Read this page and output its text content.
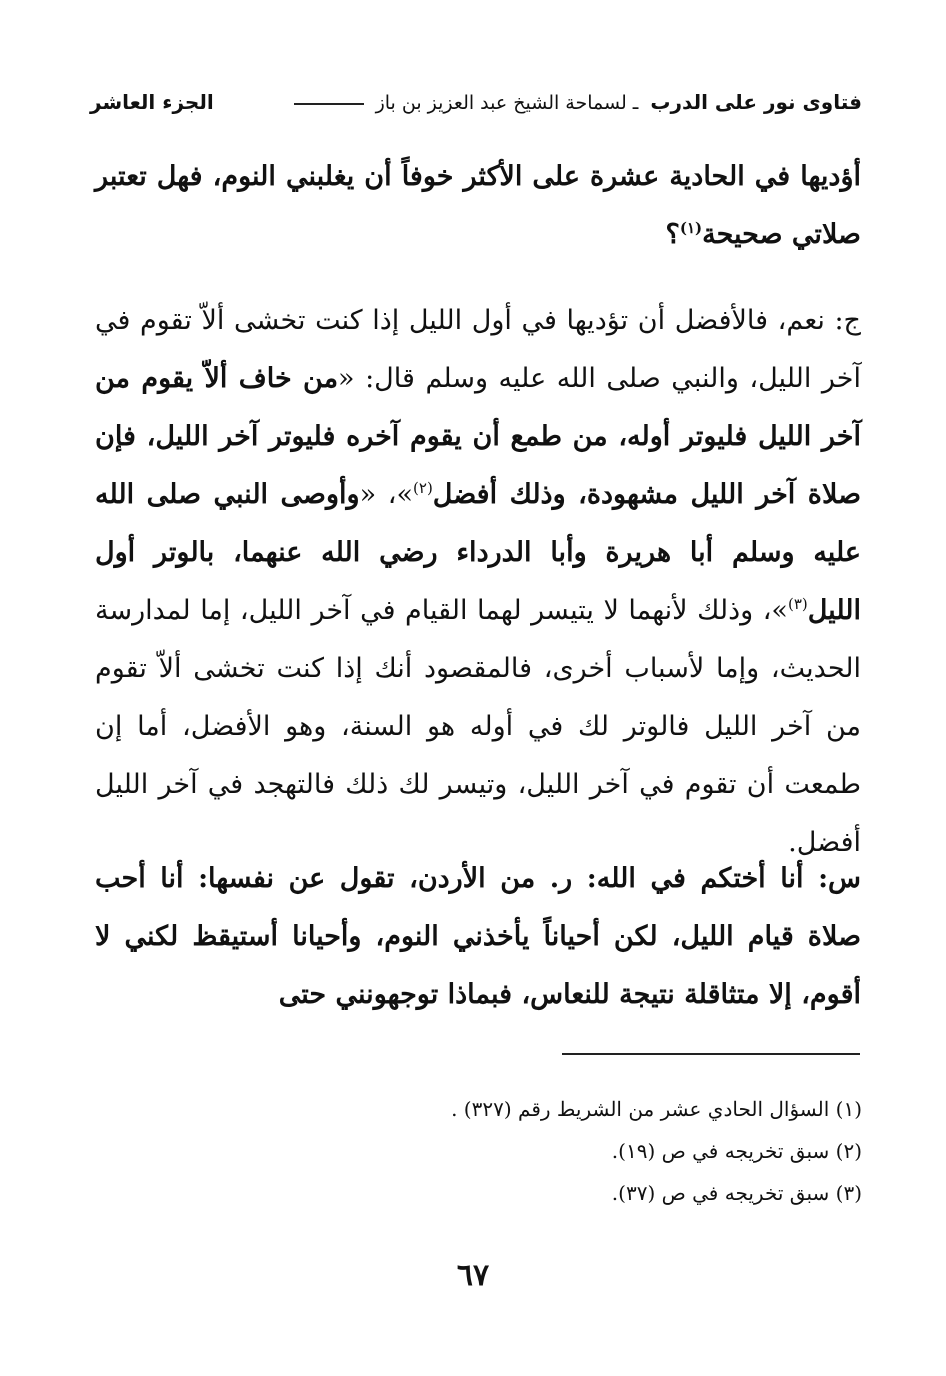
فتاوى نور على الدرب ـ لسماحة الشيخ عبد العزيز بن باز
الجزء العاشر
أؤديها في الحادية عشرة على الأكثر خوفاً أن يغلبني النوم، فهل تعتبر صلاتي صحيحة$^{(١)}$؟
ج: نعم، فالأفضل أن تؤديها في أول الليل إذا كنت تخشى ألاّ تقوم في آخر الليل، والنبي صلى الله عليه وسلم قال: «من خاف ألاّ يقوم من آخر الليل فليوتر أوله، من طمع أن يقوم آخره فليوتر آخر الليل، فإن صلاة آخر الليل مشهودة، وذلك أفضل$^{(٢)}$»، «وأوصى النبي صلى الله عليه وسلم أبا هريرة وأبا الدرداء رضي الله عنهما، بالوتر أول الليل$^{(٣)}$»، وذلك لأنهما لا يتيسر لهما القيام في آخر الليل، إما لمدارسة الحديث، وإما لأسباب أخرى، فالمقصود أنك إذا كنت تخشى ألاّ تقوم من آخر الليل فالوتر لك في أوله هو السنة، وهو الأفضل، أما إن طمعت أن تقوم في آخر الليل، وتيسر لك ذلك فالتهجد في آخر الليل أفضل.
س: أنا أختكم في الله: ر. من الأردن، تقول عن نفسها: أنا أحب صلاة قيام الليل، لكن أحياناً يأخذني النوم، وأحيانا أستيقظ لكني لا أقوم، إلا متثاقلة نتيجة للنعاس، فبماذا توجهونني حتى
(١) السؤال الحادي عشر من الشريط رقم (٣٢٧) .
(٢) سبق تخريجه في ص (١٩).
(٣) سبق تخريجه في ص (٣٧).
٦٧
